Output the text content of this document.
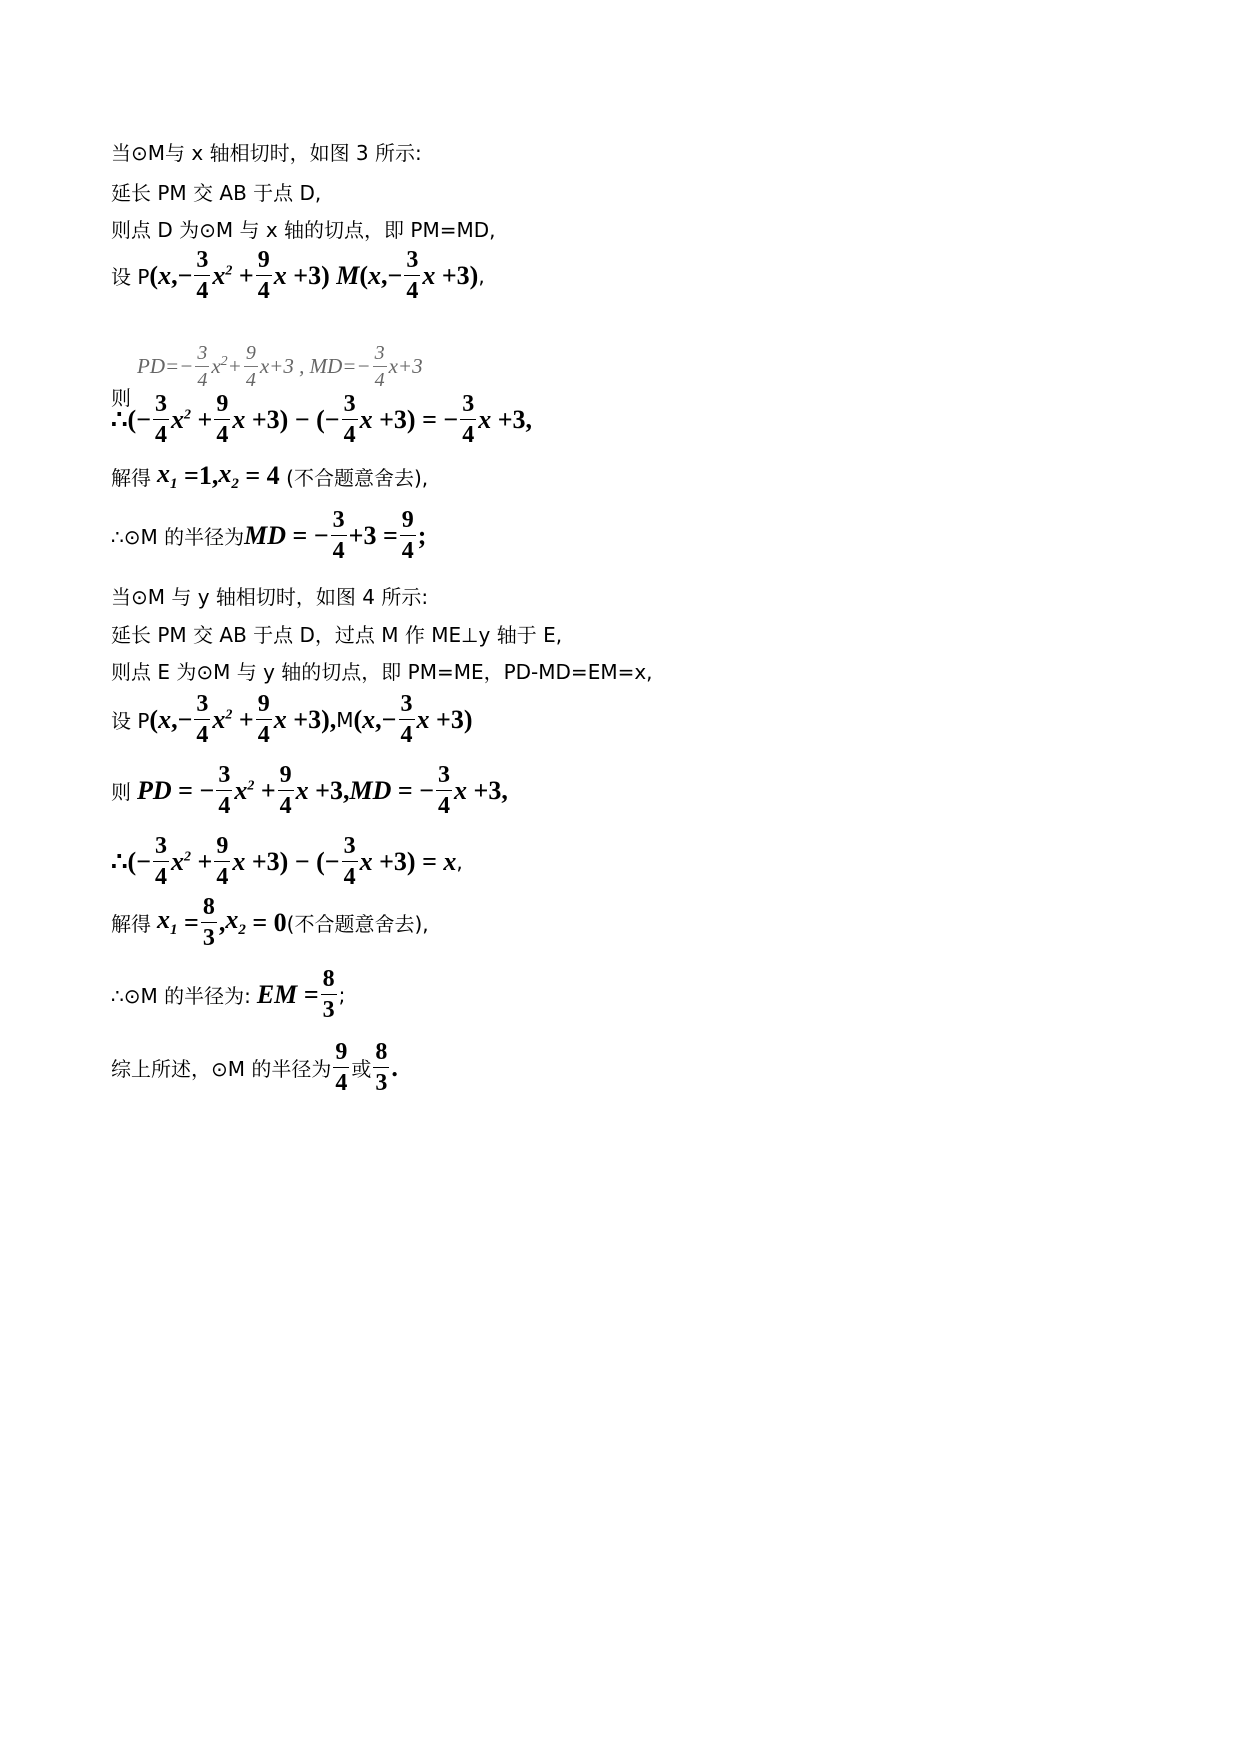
当⊙M与 x 轴相切时，如图 3 所示:
延长 PM 交 AB 于点 D,
则点 D 为⊙M 与 x 轴的切点，即 PM=MD,
设 P ( x ,− $\frac{3}{4} x^2 + \frac{9}{4}$ x +3) M ( x ,− $\frac{3}{4}$ x +3) ,
则
$PD=- \frac{3}{4} x^2+ \frac{9}{4} x+3$ , $MD=- \frac{3}{4} x+3$
∴(− $\frac{3}{4} x^2 + \frac{9}{4}$ x +3) − (− $\frac{3}{4}$ x +3) = − $\frac{3}{4}$ x +3,
解得 $x_1 =1$, $x_2 = 4$ (不合题意舍去),
∴⊙M 的半径为 MD = − $\frac{3}{4} +3 = \frac{9}{4}$ ;
当⊙M 与 y 轴相切时，如图 4 所示:
延长 PM 交 AB 于点 D，过点 M 作 ME⊥y 轴于 E,
则点 E 为⊙M 与 y 轴的切点，即 PM=ME，PD-MD=EM=x,
设 P ( x ,− $\frac{3}{4} x^2 + \frac{9}{4}$ x +3), M ( x ,− $\frac{3}{4}$ x +3)
则 PD = − $\frac{3}{4} x^2 + \frac{9}{4}$ x +3, MD = − $\frac{3}{4}$ x +3,
∴(− $\frac{3}{4} x^2 + \frac{9}{4}$ x +3) − (− $\frac{3}{4}$ x +3) = x ,
解得 $x_1 = \frac{8}{3}$ , $x_2 = 0$ (不合题意舍去),
∴⊙M 的半径为: EM = $\frac{8}{3}$ ;
综上所述，⊙M 的半径为 $\frac{9}{4}$ 或 $\frac{8}{3}$ .
